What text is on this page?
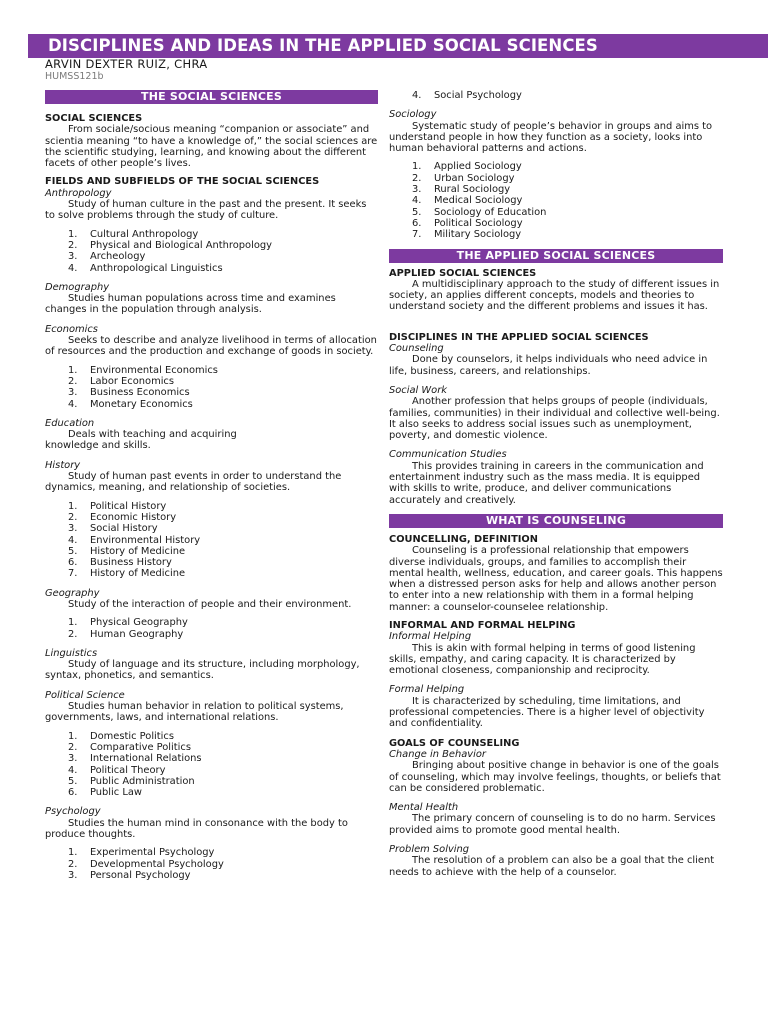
DISCIPLINES AND IDEAS IN THE APPLIED SOCIAL SCIENCES
ARVIN DEXTER RUIZ, CHRA
HUMSS121b
THE SOCIAL SCIENCES
SOCIAL SCIENCES

From sociale/socious meaning “companion or associate” and scientia meaning “to have a knowledge of,” the social sciences are the scientific studying, learning, and knowing about the different facets of other people’s lives.

FIELDS AND SUBFIELDS OF THE SOCIAL SCIENCES
Anthropology

Study of human culture in the past and the present. It seeks to solve problems through the study of culture.

1. Cultural Anthropology
2. Physical and Biological Anthropology
3. Archeology
4. Anthropological Linguistics
Demography

Studies human populations across time and examines changes in the population through analysis.

Economics

Seeks to describe and analyze livelihood in terms of allocation of resources and the production and exchange of goods in society.

1. Environmental Economics
2. Labor Economics
3. Business Economics
4. Monetary Economics
Education

Deals with teaching and acquiring

knowledge and skills.

History

Study of human past events in order to understand the dynamics, meaning, and relationship of societies.

1. Political History
2. Economic History
3. Social History
4. Environmental History
5. History of Medicine
6. Business History
7. History of Medicine
Geography

Study of the interaction of people and their environment.

1. Physical Geography
2. Human Geography
Linguistics

Study of language and its structure, including morphology, syntax, phonetics, and semantics.

Political Science

Studies human behavior in relation to political systems, governments, laws, and international relations.

1. Domestic Politics
2. Comparative Politics
3. International Relations
4. Political Theory
5. Public Administration
6. Public Law
Psychology

Studies the human mind in consonance with the body to produce thoughts.

1. Experimental Psychology
2. Developmental Psychology
3. Personal Psychology
4. Social Psychology
Sociology

Systematic study of people’s behavior in groups and aims to understand people in how they function as a society, looks into human behavioral patterns and actions.

1. Applied Sociology
2. Urban Sociology
3. Rural Sociology
4. Medical Sociology
5. Sociology of Education
6. Political Sociology
7. Military Sociology
THE APPLIED SOCIAL SCIENCES
APPLIED SOCIAL SCIENCES

A multidisciplinary approach to the study of different issues in society, an applies different concepts, models and theories to understand society and the different problems and issues it has.

DISCIPLINES IN THE APPLIED SOCIAL SCIENCES
Counseling

Done by counselors, it helps individuals who need advice in life, business, careers, and relationships.

Social Work

Another profession that helps groups of people (individuals, families, communities) in their individual and collective well-being. It also seeks to address social issues such as unemployment, poverty, and domestic violence.

Communication Studies

This provides training in careers in the communication and entertainment industry such as the mass media. It is equipped with skills to write, produce, and deliver communications accurately and creatively.

WHAT IS COUNSELING
COUNCELLING, DEFINITION

Counseling is a professional relationship that empowers diverse individuals, groups, and families to accomplish their mental health, wellness, education, and career goals. This happens when a distressed person asks for help and allows another person to enter into a new relationship with them in a formal helping manner: a counselor-counselee relationship.

INFORMAL AND FORMAL HELPING
Informal Helping

This is akin with formal helping in terms of good listening skills, empathy, and caring capacity. It is characterized by emotional closeness, companionship and reciprocity.

Formal Helping

It is characterized by scheduling, time limitations, and professional competencies. There is a higher level of objectivity and confidentiality.

GOALS OF COUNSELING
Change in Behavior

Bringing about positive change in behavior is one of the goals of counseling, which may involve feelings, thoughts, or beliefs that can be considered problematic.

Mental Health

The primary concern of counseling is to do no harm. Services provided aims to promote good mental health.

Problem Solving

The resolution of a problem can also be a goal that the client needs to achieve with the help of a counselor.
